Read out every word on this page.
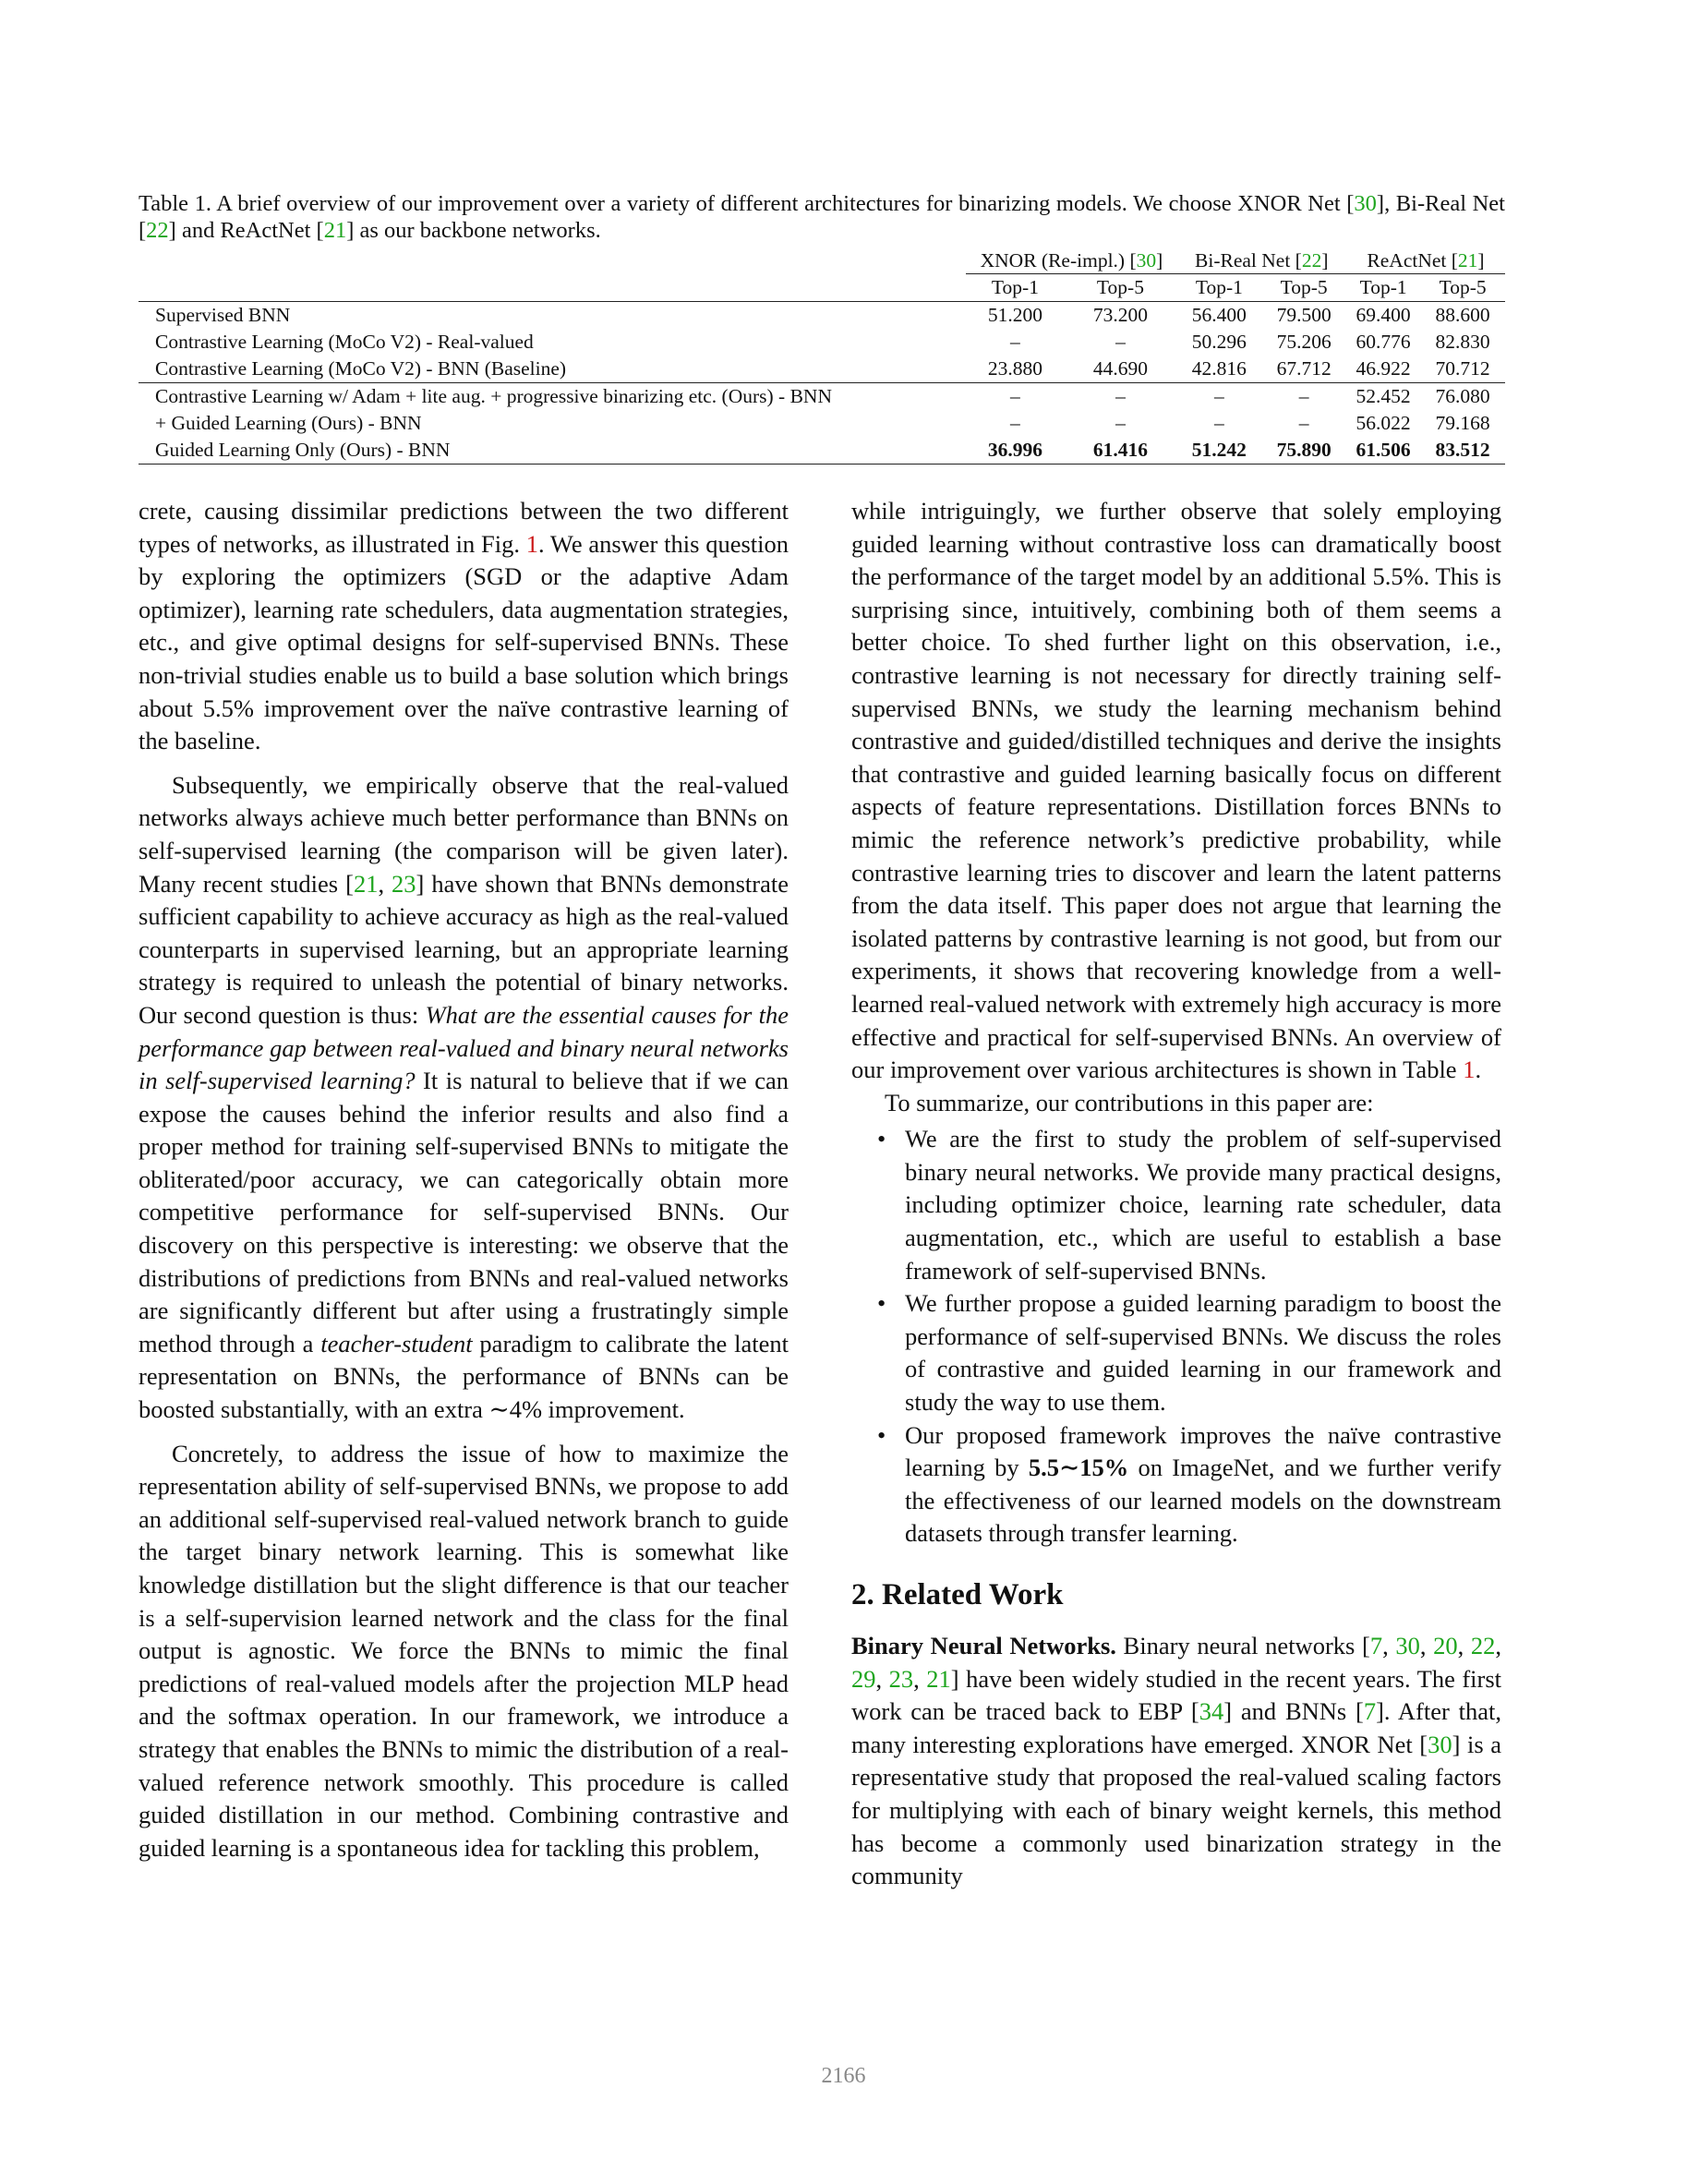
Table 1. A brief overview of our improvement over a variety of different architectures for binarizing models. We choose XNOR Net [30], Bi-Real Net [22] and ReActNet [21] as our backbone networks.
	XNOR (Re-impl.) [30]		Bi-Real Net [22]		ReActNet [21]	
	Top-1	Top-5	Top-1	Top-5	Top-1	Top-5
Supervised BNN	51.200	73.200	56.400	79.500	69.400	88.600
Contrastive Learning (MoCo V2) - Real-valued	–	–	50.296	75.206	60.776	82.830
Contrastive Learning (MoCo V2) - BNN (Baseline)	23.880	44.690	42.816	67.712	46.922	70.712
Contrastive Learning w/ Adam + lite aug. + progressive binarizing etc. (Ours) - BNN	–	–	–	–	52.452	76.080
+ Guided Learning (Ours) - BNN	–	–	–	–	56.022	79.168
Guided Learning Only (Ours) - BNN	36.996	61.416	51.242	75.890	61.506	83.512

crete, causing dissimilar predictions between the two different types of networks, as illustrated in Fig. 1. We answer this question by exploring the optimizers (SGD or the adaptive Adam optimizer), learning rate schedulers, data augmentation strategies, etc., and give optimal designs for self-supervised BNNs. These non-trivial studies enable us to build a base solution which brings about 5.5% improvement over the naïve contrastive learning of the baseline.

Subsequently, we empirically observe that the real-valued networks always achieve much better performance than BNNs on self-supervised learning (the comparison will be given later). Many recent studies [21, 23] have shown that BNNs demonstrate sufficient capability to achieve accuracy as high as the real-valued counterparts in supervised learning, but an appropriate learning strategy is required to unleash the potential of binary networks. Our second question is thus: What are the essential causes for the performance gap between real-valued and binary neural networks in self-supervised learning? It is natural to believe that if we can expose the causes behind the inferior results and also find a proper method for training self-supervised BNNs to mitigate the obliterated/poor accuracy, we can categorically obtain more competitive performance for self-supervised BNNs. Our discovery on this perspective is interesting: we observe that the distributions of predictions from BNNs and real-valued networks are significantly different but after using a frustratingly simple method through a teacher-student paradigm to calibrate the latent representation on BNNs, the performance of BNNs can be boosted substantially, with an extra ∼4% improvement.

Concretely, to address the issue of how to maximize the representation ability of self-supervised BNNs, we propose to add an additional self-supervised real-valued network branch to guide the target binary network learning. This is somewhat like knowledge distillation but the slight difference is that our teacher is a self-supervision learned network and the class for the final output is agnostic. We force the BNNs to mimic the final predictions of real-valued models after the projection MLP head and the softmax operation. In our framework, we introduce a strategy that enables the BNNs to mimic the distribution of a real-valued reference network smoothly. This procedure is called guided distillation in our method. Combining contrastive and guided learning is a spontaneous idea for tackling this problem,

while intriguingly, we further observe that solely employing guided learning without contrastive loss can dramatically boost the performance of the target model by an additional 5.5%. This is surprising since, intuitively, combining both of them seems a better choice. To shed further light on this observation, i.e., contrastive learning is not necessary for directly training self-supervised BNNs, we study the learning mechanism behind contrastive and guided/distilled techniques and derive the insights that contrastive and guided learning basically focus on different aspects of feature representations. Distillation forces BNNs to mimic the reference network’s predictive probability, while contrastive learning tries to discover and learn the latent patterns from the data itself. This paper does not argue that learning the isolated patterns by contrastive learning is not good, but from our experiments, it shows that recovering knowledge from a well-learned real-valued network with extremely high accuracy is more effective and practical for self-supervised BNNs. An overview of our improvement over various architectures is shown in Table 1.

To summarize, our contributions in this paper are:

• We are the first to study the problem of self-supervised binary neural networks. We provide many practical designs, including optimizer choice, learning rate scheduler, data augmentation, etc., which are useful to establish a base framework of self-supervised BNNs.
• We further propose a guided learning paradigm to boost the performance of self-supervised BNNs. We discuss the roles of contrastive and guided learning in our framework and study the way to use them.
• Our proposed framework improves the naïve contrastive learning by 5.5∼15% on ImageNet, and we further verify the effectiveness of our learned models on the downstream datasets through transfer learning.
2. Related Work

Binary Neural Networks. Binary neural networks [7, 30, 20, 22, 29, 23, 21] have been widely studied in the recent years. The first work can be traced back to EBP [34] and BNNs [7]. After that, many interesting explorations have emerged. XNOR Net [30] is a representative study that proposed the real-valued scaling factors for multiplying with each of binary weight kernels, this method has become a commonly used binarization strategy in the community

2166
